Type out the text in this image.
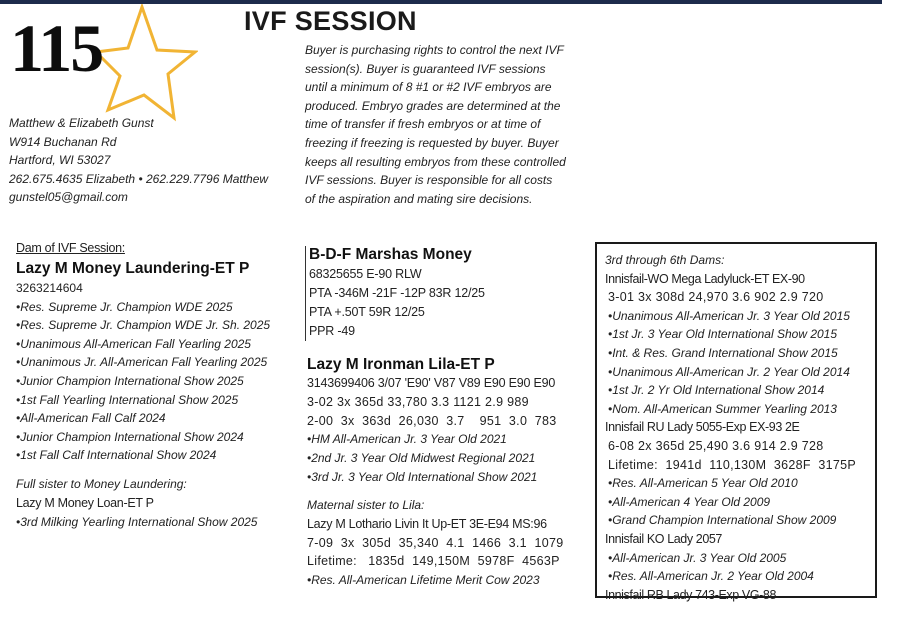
115	IVF SESSION
Buyer is purchasing rights to control the next IVF
session(s). Buyer is guaranteed IVF sessions
until a minimum of 8 #1 or #2 IVF embryos are
produced. Embryo grades are determined at the
time of transfer if fresh embryos or at time of
freezing if freezing is requested by buyer. Buyer
keeps all resulting embryos from these controlled
IVF sessions. Buyer is responsible for all costs
of the aspiration and mating sire decisions.
Matthew & Elizabeth Gunst
W914 Buchanan Rd
Hartford, WI 53027
262.675.4635 Elizabeth • 262.229.7796 Matthew
gunstel05@gmail.com
Dam of IVF Session:
Lazy M Money Laundering-ET P
3263214604
•Res. Supreme Jr. Champion WDE 2025
•Res. Supreme Jr. Champion WDE Jr. Sh. 2025
•Unanimous All-American Fall Yearling 2025
•Unanimous Jr. All-American Fall Yearling 2025
•Junior Champion International Show 2025
•1st Fall Yearling International Show 2025
•All-American Fall Calf 2024
•Junior Champion International Show 2024
•1st Fall Calf International Show 2024
Full sister to Money Laundering:
Lazy M Money Loan-ET P
•3rd Milking Yearling International Show 2025
B-D-F Marshas Money
68325655 E-90 RLW
PTA -346M -21F -12P 83R 12/25
PTA +.50T 59R 12/25
PPR -49
Lazy M Ironman Lila-ET P
3143699406 3/07 'E90' V87 V89 E90 E90 E90
3-02 3x 365d 33,780 3.3 1121 2.9 989
2-00  3x  363d  26,030  3.7    951  3.0  783
•HM All-American Jr. 3 Year Old 2021
•2nd Jr. 3 Year Old Midwest Regional 2021
•3rd Jr. 3 Year Old International Show 2021
Maternal sister to Lila:
Lazy M Lothario Livin It Up-ET 3E-E94 MS:96
7-09  3x  305d  35,340  4.1  1466  3.1  1079
Lifetime:   1835d  149,150M  5978F  4563P
•Res. All-American Lifetime Merit Cow 2023
3rd through 6th Dams:
Innisfail-WO Mega Ladyluck-ET EX-90
3-01 3x 308d 24,970 3.6 902 2.9 720
•Unanimous All-American Jr. 3 Year Old 2015
•1st Jr. 3 Year Old International Show 2015
•Int. & Res. Grand International Show 2015
•Unanimous All-American Jr. 2 Year Old 2014
•1st Jr. 2 Yr Old International Show 2014
•Nom. All-American Summer Yearling 2013
Innisfail RU Lady 5055-Exp EX-93 2E
6-08 2x 365d 25,490 3.6 914 2.9 728
Lifetime:  1941d  110,130M  3628F  3175P
•Res. All-American 5 Year Old 2010
•All-American 4 Year Old 2009
•Grand Champion International Show 2009
Innisfail KO Lady 2057
•All-American Jr. 3 Year Old 2005
•Res. All-American Jr. 2 Year Old 2004
Innisfail RB Lady 743-Exp VG-88
